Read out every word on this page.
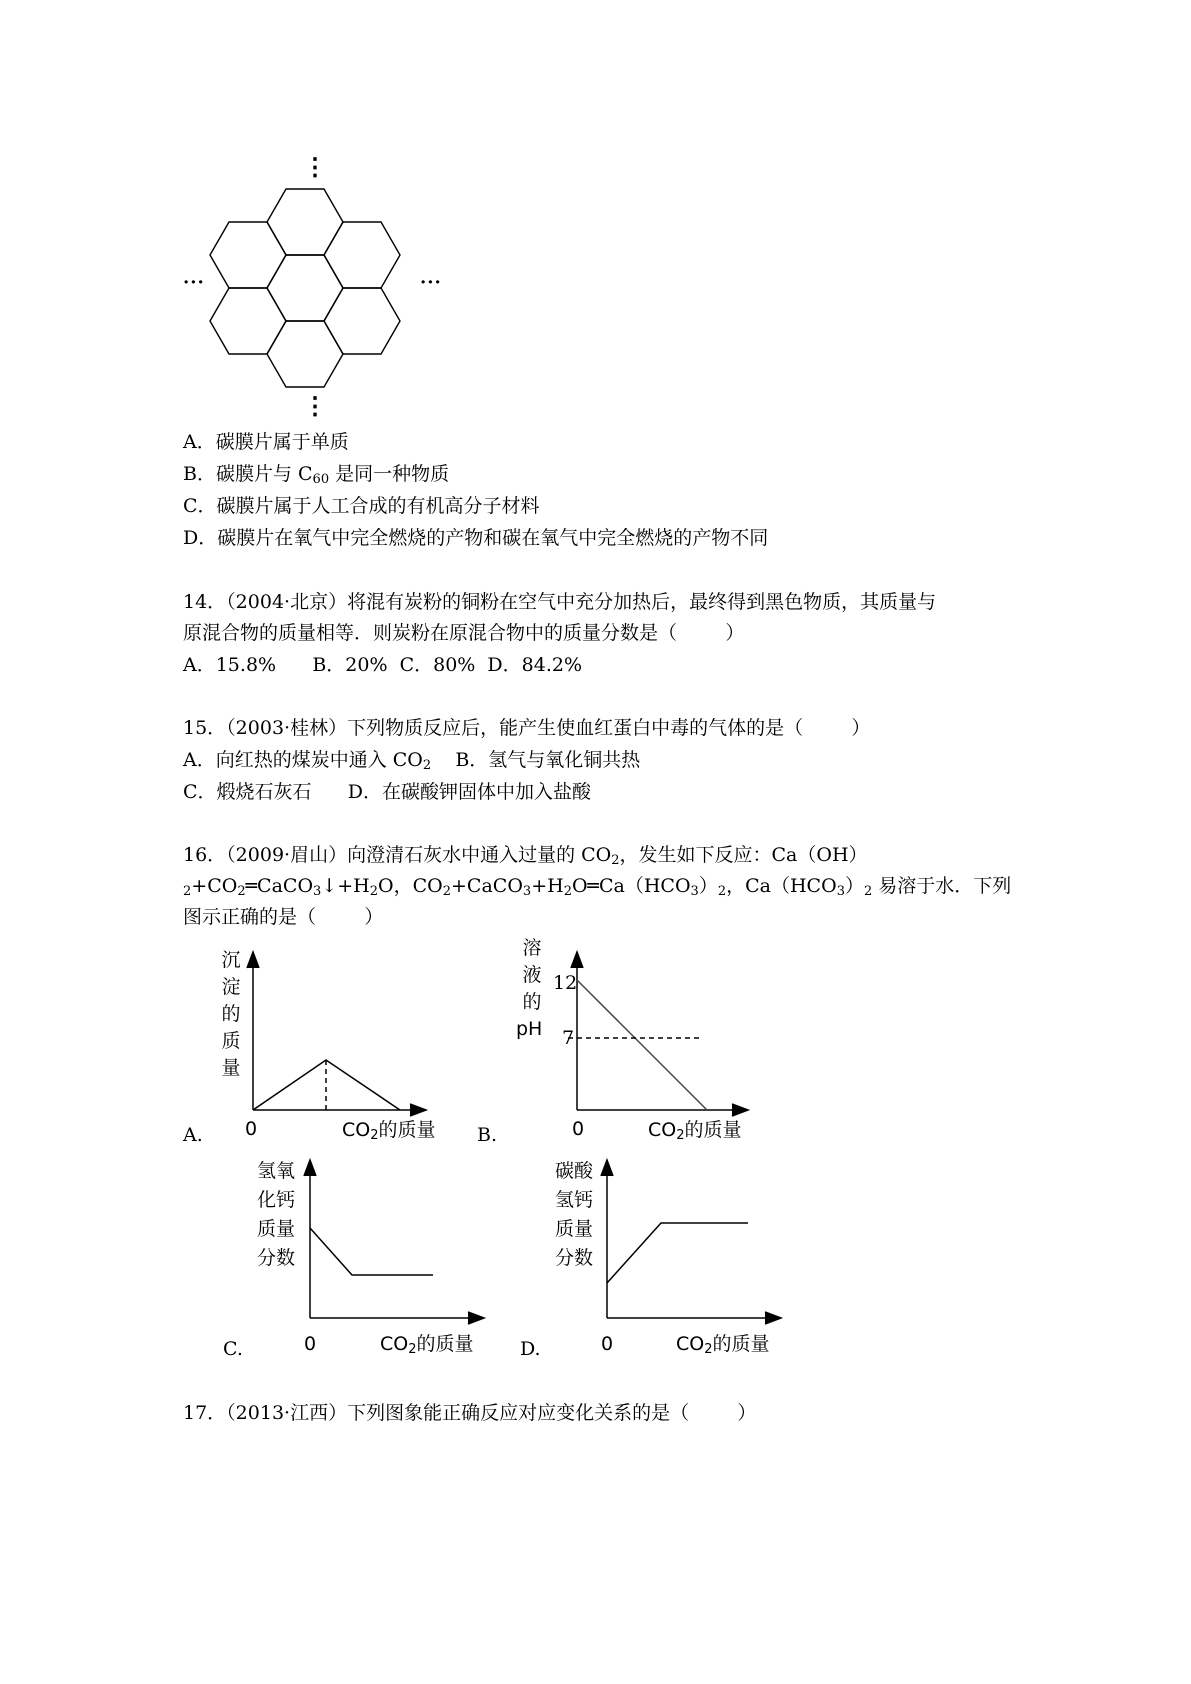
⋮
⋮
···	···
A．碳膜片属于单质
B．碳膜片与 $C_{60}$ 是同一种物质
C．碳膜片属于人工合成的有机高分子材料
D．碳膜片在氧气中完全燃烧的产物和碳在氧气中完全燃烧的产物不同
14．（2004·北京）将混有炭粉的铜粉在空气中充分加热后，最终得到黑色物质，其质量与
原混合物的质量相等．则炭粉在原混合物中的质量分数是（        ）
A．15.8%      B．20%  C．80%  D．84.2%
15．（2003·桂林）下列物质反应后，能产生使血红蛋白中毒的气体的是（        ）
A．向红热的煤炭中通入 $CO_2$    B．氢气与氧化铜共热
C．煅烧石灰石      D．在碳酸钾固体中加入盐酸
16．（2009·眉山）向澄清石灰水中通入过量的 $CO_2$，发生如下反应：Ca（OH）
$_2+CO_2═CaCO_3↓+H_2O$，$CO_2+CaCO_3+H_2O═Ca(HCO_3)_2$，$Ca(HCO_3)_2$ 易溶于水．下列
图示正确的是（        ）
沉
淀
的
质
量
0	$CO_2$的质量
A.
溶
液
的
pH
12
7
0	$CO_2$的质量
B.
氢氧
化钙
质量
分数
0	$CO_2$的质量
C.
碳酸
氢钙
质量
分数
0	$CO_2$的质量
D.
17．（2013·江西）下列图象能正确反应对应变化关系的是（        ）
